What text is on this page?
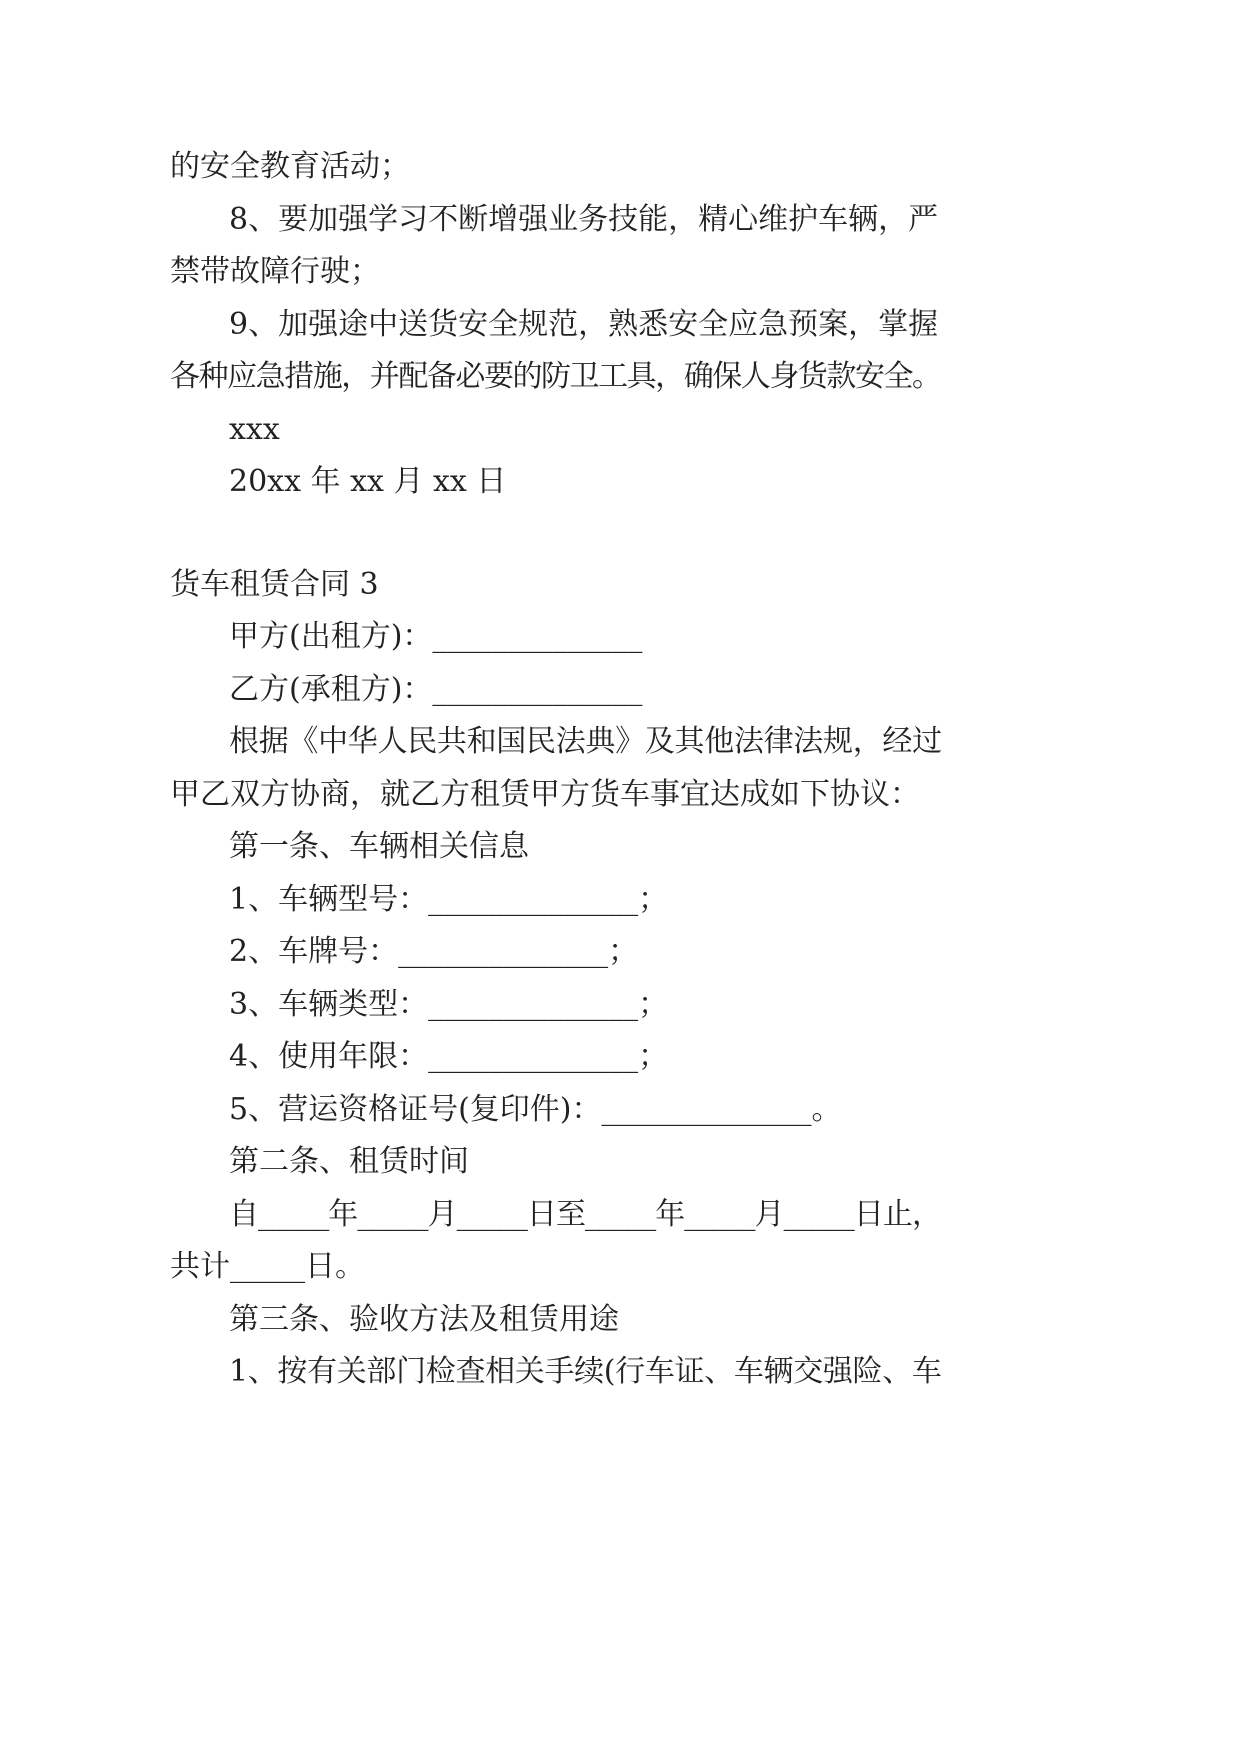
的安全教育活动；
8、要加强学习不断增强业务技能，精心维护车辆，严
禁带故障行驶；
9、加强途中送货安全规范，熟悉安全应急预案，掌握
各种应急措施，并配备必要的防卫工具，确保人身货款安全。
xxx
20xx 年 xx 月 xx 日
货车租赁合同 3
甲方(出租方)：______________
乙方(承租方)：______________
根据《中华人民共和国民法典》及其他法律法规，经过
甲乙双方协商，就乙方租赁甲方货车事宜达成如下协议：
第一条、车辆相关信息
1、车辆型号：______________；
2、车牌号：______________；
3、车辆类型：______________；
4、使用年限：______________；
5、营运资格证号(复印件)：______________。
第二条、租赁时间
自_____年_____月_____日至_____年_____月_____日止，
共计_____日。
第三条、验收方法及租赁用途
1、按有关部门检查相关手续(行车证、车辆交强险、车
